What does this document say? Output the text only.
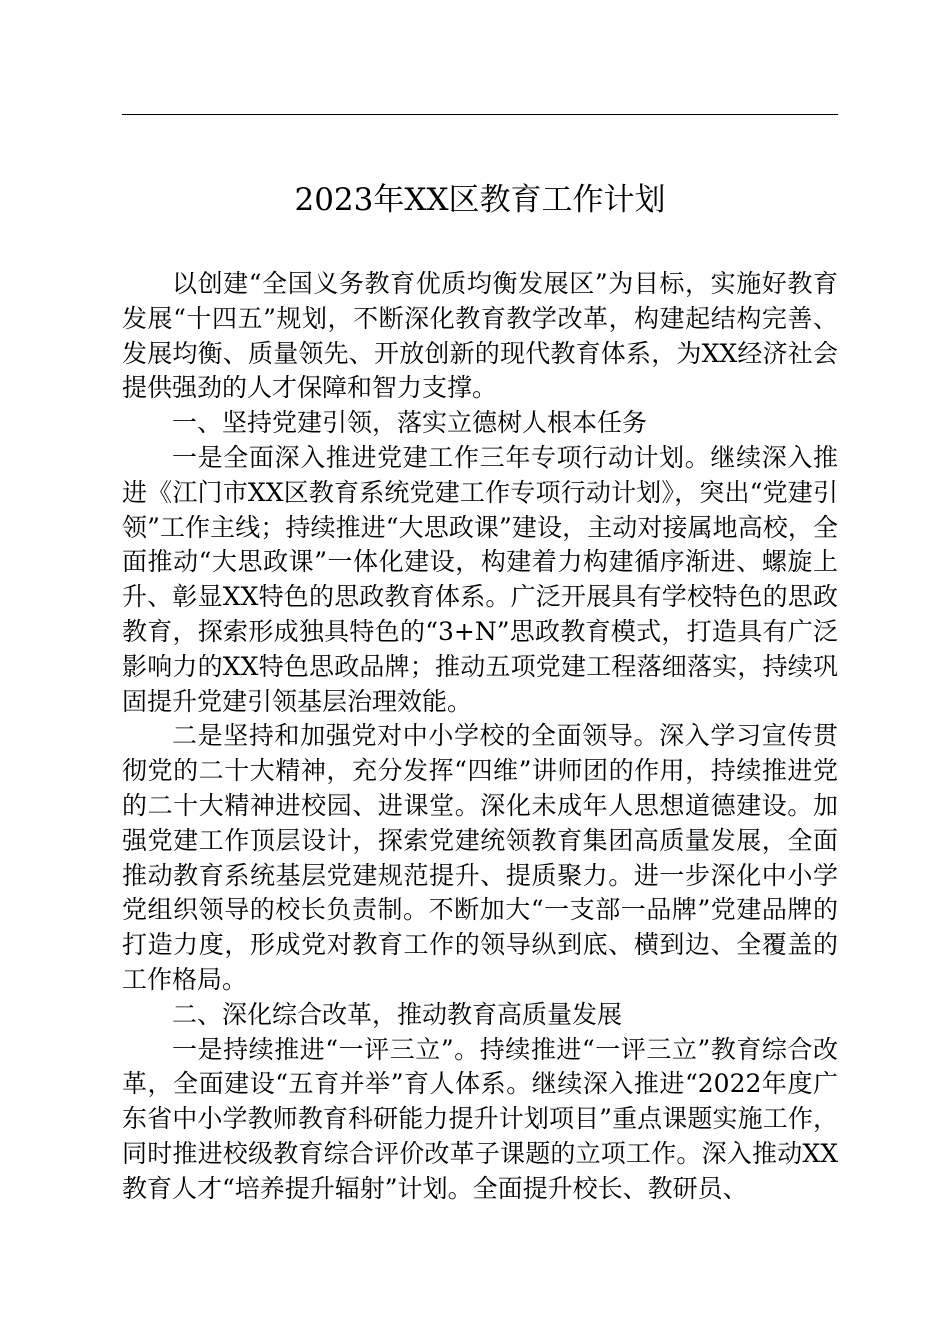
2023年XX区教育工作计划

以创建“全国义务教育优质均衡发展区”为目标，实施好教育发展“十四五”规划，不断深化教育教学改革，构建起结构完善、发展均衡、质量领先、开放创新的现代教育体系，为XX经济社会提供强劲的人才保障和智力支撑。

一、坚持党建引领，落实立德树人根本任务

一是全面深入推进党建工作三年专项行动计划。继续深入推进《江门市XX区教育系统党建工作专项行动计划》，突出“党建引领”工作主线；持续推进“大思政课”建设，主动对接属地高校，全面推动“大思政课”一体化建设，构建着力构建循序渐进、螺旋上升、彰显XX特色的思政教育体系。广泛开展具有学校特色的思政教育，探索形成独具特色的“3+N”思政教育模式，打造具有广泛影响力的XX特色思政品牌；推动五项党建工程落细落实，持续巩固提升党建引领基层治理效能。

二是坚持和加强党对中小学校的全面领导。深入学习宣传贯彻党的二十大精神，充分发挥“四维”讲师团的作用，持续推进党的二十大精神进校园、进课堂。深化未成年人思想道德建设。加强党建工作顶层设计，探索党建统领教育集团高质量发展，全面推动教育系统基层党建规范提升、提质聚力。进一步深化中小学党组织领导的校长负责制。不断加大“一支部一品牌”党建品牌的打造力度，形成党对教育工作的领导纵到底、横到边、全覆盖的工作格局。

二、深化综合改革，推动教育高质量发展

一是持续推进“一评三立”。持续推进“一评三立”教育综合改革，全面建设“五育并举”育人体系。继续深入推进“2022年度广东省中小学教师教育科研能力提升计划项目”重点课题实施工作，同时推进校级教育综合评价改革子课题的立项工作。深入推动XX教育人才“培养提升辐射”计划。全面提升校长、教研员、
